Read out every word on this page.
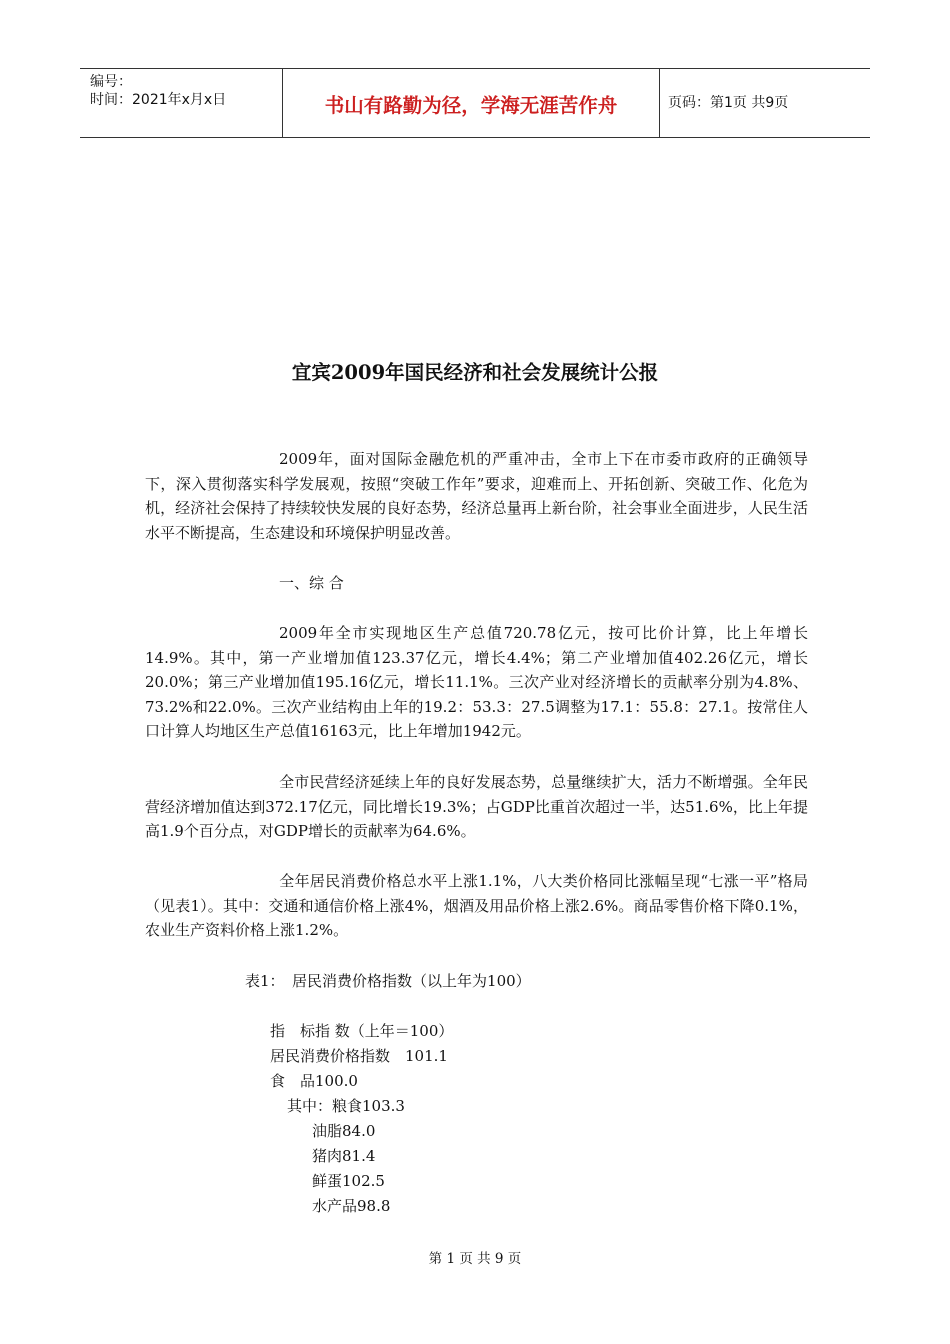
编号：
时间：2021年x月x日	书山有路勤为径，学海无涯苦作舟	页码：第1页 共9页
宜宾2009年国民经济和社会发展统计公报

2009年，面对国际金融危机的严重冲击，全市上下在市委市政府的正确领导下，深入贯彻落实科学发展观，按照“突破工作年”要求，迎难而上、开拓创新、突破工作、化危为机，经济社会保持了持续较快发展的良好态势，经济总量再上新台阶，社会事业全面进步，人民生活水平不断提高，生态建设和环境保护明显改善。

一、综 合

2009年全市实现地区生产总值720.78亿元，按可比价计算，比上年增长14.9%。其中，第一产业增加值123.37亿元，增长4.4%；第二产业增加值402.26亿元，增长20.0%；第三产业增加值195.16亿元，增长11.1%。三次产业对经济增长的贡献率分别为4.8%、73.2%和22.0%。三次产业结构由上年的19.2：53.3：27.5调整为17.1：55.8：27.1。按常住人口计算人均地区生产总值16163元，比上年增加1942元。

全市民营经济延续上年的良好发展态势，总量继续扩大，活力不断增强。全年民营经济增加值达到372.17亿元，同比增长19.3%；占GDP比重首次超过一半，达51.6%，比上年提高1.9个百分点，对GDP增长的贡献率为64.6%。

全年居民消费价格总水平上涨1.1%，八大类价格同比涨幅呈现“七涨一平”格局（见表1）。其中：交通和通信价格上涨4%，烟酒及用品价格上涨2.6%。商品零售价格下降0.1%，农业生产资料价格上涨1.2%。

表1：　居民消费价格指数（以上年为100）
指　标指 数（上年＝100）
居民消费价格指数　101.1
食　品100.0
其中：粮食103.3
油脂84.0
猪肉81.4
鲜蛋102.5
水产品98.8
第 1 页 共 9 页
